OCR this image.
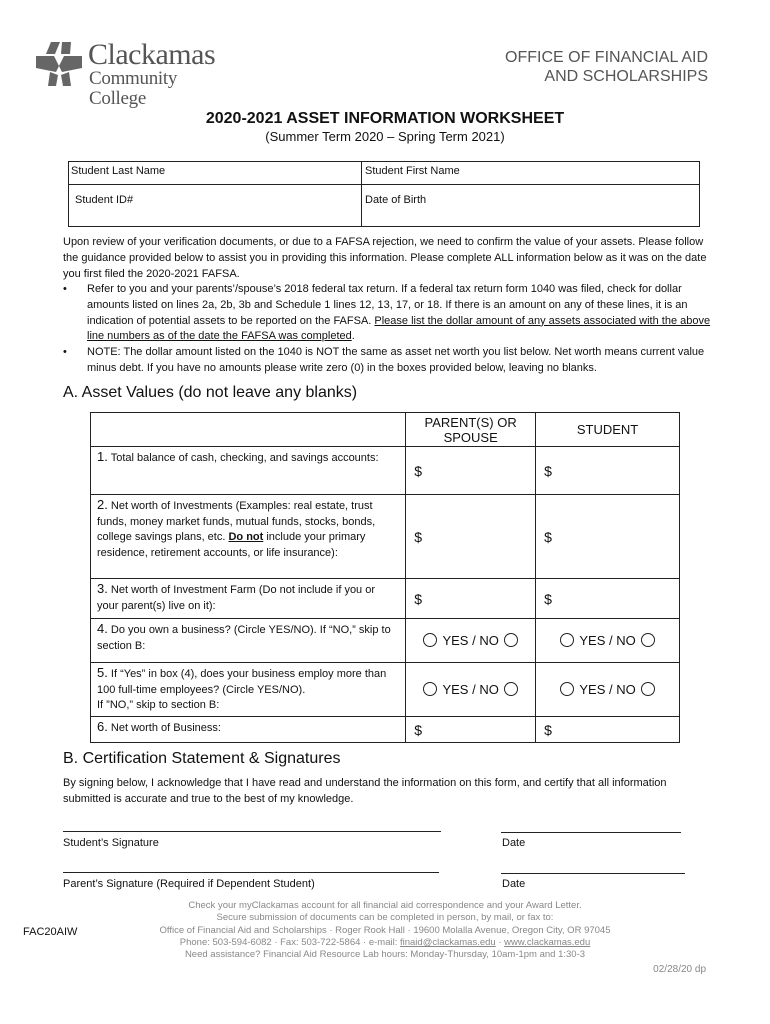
Clackamas
Community College
OFFICE OF FINANCIAL AID
AND SCHOLARSHIPS
2020-2021 ASSET INFORMATION WORKSHEET
(Summer Term 2020 – Spring Term 2021)
Student Last Name	Student First Name
Student ID#	Date of Birth
Upon review of your verification documents, or due to a FAFSA rejection, we need to confirm the value of your assets. Please follow the guidance provided below to assist you in providing this information. Please complete ALL information below as it was on the date you first filed the 2020-2021 FAFSA.
• Refer to you and your parents’/spouse’s 2018 federal tax return. If a federal tax return form 1040 was filed, check for dollar amounts listed on lines 2a, 2b, 3b and Schedule 1 lines 12, 13, 17, or 18. If there is an amount on any of these lines, it is an indication of potential assets to be reported on the FAFSA. Please list the dollar amount of any assets associated with the above line numbers as of the date the FAFSA was completed.
• NOTE: The dollar amount listed on the 1040 is NOT the same as asset net worth you list below. Net worth means current value minus debt. If you have no amounts please write zero (0) in the boxes provided below, leaving no blanks.
A. Asset Values (do not leave any blanks)
	PARENT(S) OR SPOUSE	STUDENT
1. Total balance of cash, checking, and savings accounts:	$	$
2. Net worth of Investments (Examples: real estate, trust funds, money market funds, mutual funds, stocks, bonds, college savings plans, etc. Do not include your primary residence, retirement accounts, or life insurance):	$	$
3. Net worth of Investment Farm (Do not include if you or your parent(s) live on it):	$	$
4. Do you own a business? (Circle YES/NO). If “NO,” skip to section B:	YES / NO	YES / NO
5. If “Yes” in box (4), does your business employ more than 100 full-time employees? (Circle YES/NO).
If ”NO,” skip to section B:	YES / NO	YES / NO
6. Net worth of Business:	$	$
B. Certification Statement & Signatures
By signing below, I acknowledge that I have read and understand the information on this form, and certify that all information submitted is accurate and true to the best of my knowledge.
Student’s Signature	Date
Parent’s Signature (Required if Dependent Student)	Date
FAC20AIW
Check your myClackamas account for all financial aid correspondence and your Award Letter.
Secure submission of documents can be completed in person, by mail, or fax to:
Office of Financial Aid and Scholarships · Roger Rook Hall · 19600 Molalla Avenue, Oregon City, OR 97045
Phone: 503-594-6082 · Fax: 503-722-5864 · e-mail: finaid@clackamas.edu · www.clackamas.edu
Need assistance? Financial Aid Resource Lab hours: Monday-Thursday, 10am-1pm and 1:30-3
02/28/20 dp
